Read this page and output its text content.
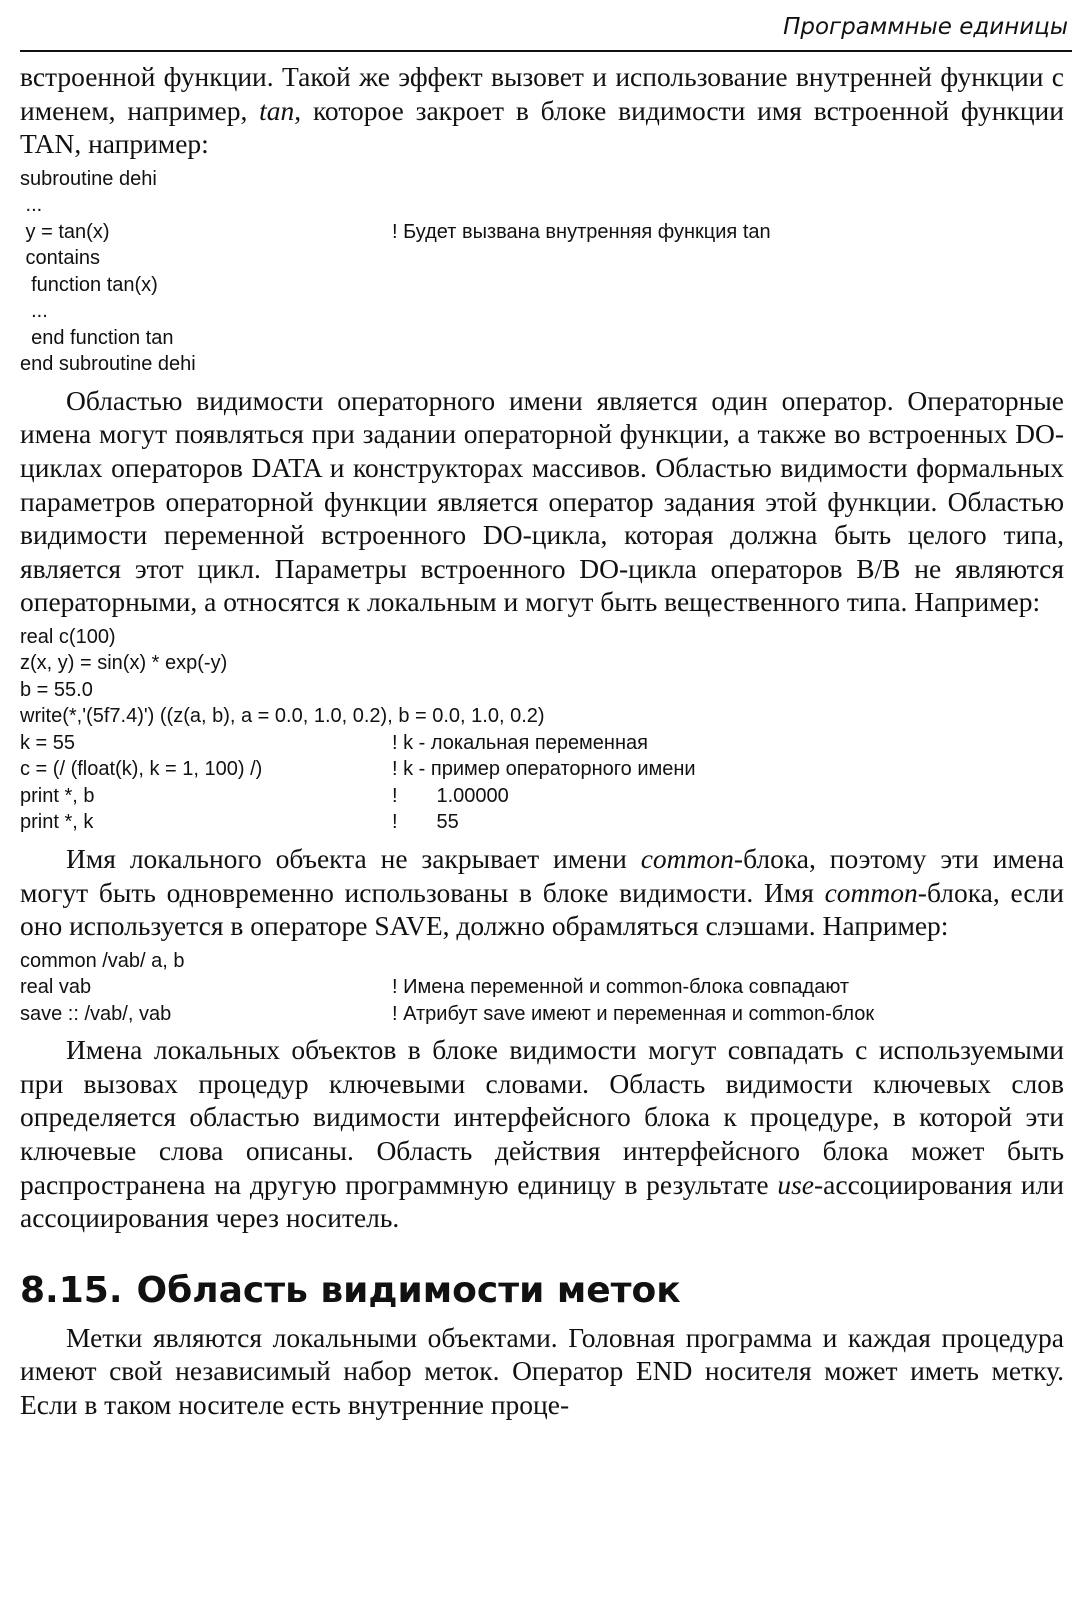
Программные единицы

встроенной функции. Такой же эффект вызовет и использование внутренней функции с именем, например, tan, которое закроет в блоке видимости имя встроенной функции TAN, например:

subroutine dehi
...
y = tan(x)	! Будет вызвана внутренняя функция tan
contains
function tan(x)
...
end function tan
end subroutine dehi

Областью видимости операторного имени является один оператор. Операторные имена могут появляться при задании операторной функции, а также во встроенных DO-циклах операторов DATA и конструкторах массивов. Областью видимости формальных параметров операторной функции является оператор задания этой функции. Областью видимости переменной встроенного DO-цикла, которая должна быть целого типа, является этот цикл. Параметры встроенного DO-цикла операторов В/В не являются операторными, а относятся к локальным и могут быть вещественного типа. Например:

real c(100)
z(x, y) = sin(x) * exp(-y)
b = 55.0
write(*,'(5f7.4)') ((z(a, b), a = 0.0, 1.0, 0.2), b = 0.0, 1.0, 0.2)
k = 55	! k - локальная переменная
c = (/ (float(k), k = 1, 100) /)	! k - пример операторного имени
print *, b	!       1.00000
print *, k	!       55

Имя локального объекта не закрывает имени common-блока, поэтому эти имена могут быть одновременно использованы в блоке видимости. Имя common-блока, если оно используется в операторе SAVE, должно обрамляться слэшами. Например:

common /vab/ a, b
real vab	! Имена переменной и common-блока совпадают
save :: /vab/, vab	! Атрибут save имеют и переменная и common-блок

Имена локальных объектов в блоке видимости могут совпадать с используемыми при вызовах процедур ключевыми словами. Область видимости ключевых слов определяется областью видимости интерфейсного блока к процедуре, в которой эти ключевые слова описаны. Область действия интерфейсного блока может быть распространена на другую программную единицу в результате use-ассоциирования или ассоциирования через носитель.

8.15. Область видимости меток

Метки являются локальными объектами. Головная программа и каждая процедура имеют свой независимый набор меток. Оператор END носителя может иметь метку. Если в таком носителе есть внутренние проце-
